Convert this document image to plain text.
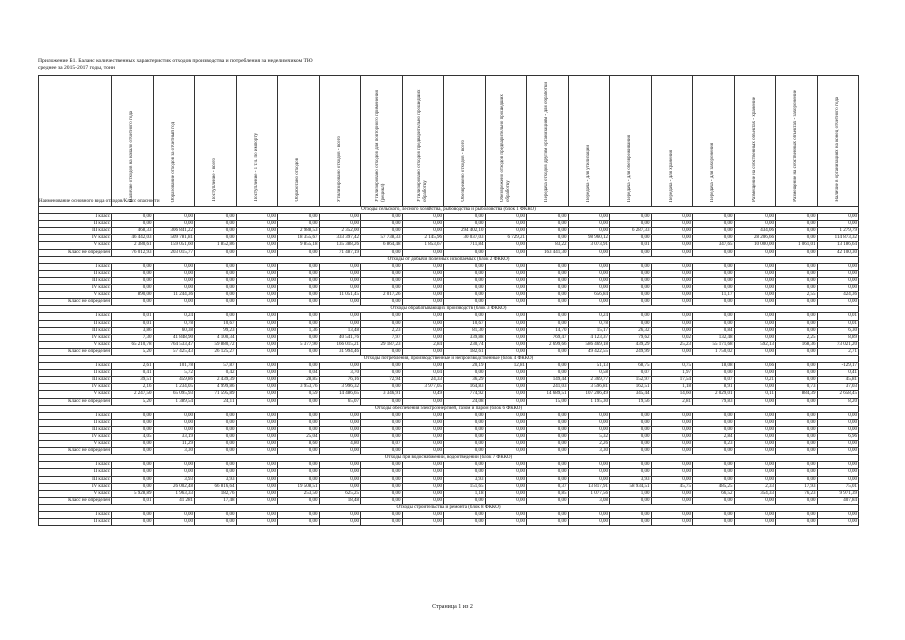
Приложение Б1. Баланс количественных характеристик отходов производства и потребления за неделимчиком ТЮ
среднее за 2015-2017 годы, тонн
Наименование основного вида отходов/Класс опасности	Наличие отходов на начало отчетного года	Образование отходов за отчетный год	Поступление - всего	Поступление - 1 т.ч. по импорту	Обработано отходов	Утилизировано отходов - всего	Утилизировано отходов для повторного применения (рецикл)	Утилизировано отходов предварительно прошедших обработку	Обезврежено отходов - всего	Обезврежено отходов предварительно прошедших обработку	Передача отходов другим организациям - для обработки	Передача - для утилизации	Передача - для обезвреживания	Передача - для хранения	Передача - для захоронения	Размещение на собственных объектах - хранение	Размещение на собственных объектах - захоронение	Наличие в организациях на конец отчетного года
Отходы сельского, лесного хозяйства, рыбоводства и рыболовства (блок 1 ФККО)																		
I класс	0,00	0,00	0,00	0,00	0,00	0,00	0,00	0,00	0,00	0,00	0,00	0,00	0,00	0,00	0,00	0,00	0,00	0,00
II класс	0,00	0,00	0,00	0,00	0,00	0,00	0,00	0,00	0,00	0,00	0,00	0,00	0,00	0,00	0,00	0,00	0,00	0,00
III класс	468,33	306 841,22	0,00	0,00	2 988,53	2 352,00	0,00	0,00	294 402,10	0,00	0,00	0,00	6 287,33	0,00	0,00	434,06	0,00	1 279,79
IV класс	46 442,03	509 781,81	0,00	0,00	18 355,67	333 397,42	57 738,33	2 145,96	30 037,03	6 729,21	0,00	98 960,12	0,00	0,00	0,00	28 206,66	0,00	114 873,32
V класс	2 380,61	159 051,60	1 852,86	0,00	9 855,18	135 388,26	6 864,48	1 853,67	711,84	0,00	83,22	3 073,91	0,01	0,00	347,65	10 000,00	1 061,01	13 186,64
Класс не определен	76 012,93	203 015,77	0,00	0,00	0,00	71 487,19	0,00	0,00	0,00	0,00	163 441,30	0,00	0,00	0,00	0,00	0,00	0,00	42 100,30
Отходы от добычи полезных ископаемых (блок 2 ФККО)																		
I класс	0,00	0,00	0,00	0,00	0,00	0,00	0,00	0,00	0,00	0,00	0,00	0,00	0,00	0,00	0,00	0,00	0,00	0,00
II класс	0,00	0,00	0,00	0,00	0,00	0,00	0,00	0,00	0,00	0,00	0,00	0,00	0,00	0,00	0,00	0,00	0,00	0,00
III класс	0,00	0,00	0,00	0,00	0,00	0,00	0,00	0,00	0,00	0,00	0,00	0,00	0,00	0,00	0,00	0,00	0,00	0,00
IV класс	0,00	0,00	0,00	0,00	0,00	0,00	0,00	0,00	0,00	0,00	0,00	0,00	0,00	0,00	0,00	0,00	0,00	0,00
V класс	890,00	11 244,36	0,00	0,00	0,00	11 051,45	2 017,26	0,00	0,00	0,00	0,00	656,84	0,00	0,00	11,17	0,00	2,55	424,36
Класс не определен	0,00	0,00	0,00	0,00	0,00	0,00	0,00	0,00	0,00	0,00	0,00	0,00	0,00	0,00	0,00	0,00	0,00	0,00
Отходы обрабатывающих производств (блок 3 ФККО)																		
I класс	0,01	0,24	0,00	0,00	0,00	0,00	0,00	0,00	0,00	0,00	0,00	0,24	0,00	0,00	0,00	0,00	0,00	0,01
II класс	0,01	0,78	10,67	0,00	0,00	0,00	0,00	0,00	10,67	0,00	0,00	0,78	0,00	0,00	0,00	0,00	0,00	0,01
III класс	3,86	60,38	99,23	0,00	1,36	13,48	2,23	0,00	81,30	0,00	14,70	15,17	26,32	0,00	0,84	0,00	0,00	6,30
IV класс	7,30	41 848,90	4 100,34	0,00	0,00	40 541,76	7,97	0,00	339,88	0,00	769,47	4 123,37	79,62	0,02	132,48	0,00	2,25	8,89
V класс	65 210,78	764 533,47	59 880,72	0,00	5 377,90	166 015,21	29 187,23	2,84	230,74	0,00	2 699,66	586 469,18	439,29	25,23	55 171,68	592,13	168,36	73 021,20
Класс не определен	5,20	57 425,43	26 125,27	0,00	0,00	31 994,46	0,00	0,00	182,61	0,00	0,00	49 422,55	249,99	0,00	1 750,02	0,00	0,00	2,71
Отходы потребления, производственные и непроизводственные (блок 4 ФККО)																		
I класс	2,61	101,78	57,87	0,00	0,00	0,00	0,00	0,00	20,19	12,81	0,00	51,13	68,75	0,75	18,08	0,66	0,00	-129,17
II класс	0,41	5,72	0,42	0,00	0,04	3,70	0,00	0,04	0,00	0,00	0,00	0,58	0,07	1,97	0,00	0,00	0,00	0,41
III класс	39,51	459,86	2 439,39	0,00	28,85	76,16	72,94	24,33	36,29	0,00	149,44	2 369,77	152,97	17,54	0,07	0,21	0,00	45,81
IV класс	2,16	1 234,05	4 999,86	0,00	3 953,76	3 996,32	0,00	3 977,05	164,83	0,00	241,03	3 596,81	162,51	1,18	8,91	0,00	0,73	37,03
V класс	2 247,50	65 095,93	71 595,89	0,00	0,59	14 486,65	3 346,91	0,49	774,92	0,00	14 689,51	107 206,49	345,44	14,60	2 029,01	0,11	884,39	2 658,45
Класс не определен	5,20	1 389,54	24,11	0,00	0,00	65,07	0,00	0,00	24,08	0,00	15,00	1 195,30	19,56	2,81	79,83	0,00	0,00	8,20
Отходы обеспечения электроэнергией, газом и паром (блок 6 ФККО)																		
I класс	0,00	0,00	0,00	0,00	0,00	0,00	0,00	0,00	0,00	0,00	0,00	0,00	0,00	0,00	0,00	0,00	0,00	0,00
II класс	0,00	0,00	0,00	0,00	0,00	0,00	0,00	0,00	0,00	0,00	0,00	0,00	0,00	0,00	0,00	0,00	0,00	0,00
III класс	0,00	0,00	0,00	0,00	0,00	0,00	0,00	0,00	0,00	0,00	0,00	0,00	0,00	0,00	0,00	0,00	0,00	0,00
IV класс	4,05	33,19	0,00	0,00	25,04	0,00	0,00	0,00	0,00	0,00	0,00	5,32	0,00	0,00	2,84	0,00	0,00	6,96
V класс	0,00	11,29	0,00	0,00	8,60	4,80	0,07	0,00	0,00	0,00	0,00	2,26	0,00	0,00	0,23	0,00	0,00	0,00
Класс не определен	0,00	3,30	0,00	0,00	0,00	0,00	0,00	0,00	0,00	0,00	0,00	3,30	0,00	0,00	0,00	0,00	0,00	0,00
Отходы при водоснабжении, водоотведении (блок 7 ФККО)																		
I класс	0,00	0,00	0,00	0,00	0,00	0,00	0,00	0,00	0,00	0,00	0,00	0,00	0,00	0,00	0,00	0,00	0,00	0,00
II класс	0,00	0,00	0,00	0,00	0,00	0,00	0,00	0,00	0,00	0,00	0,00	0,00	0,00	0,00	0,00	0,00	0,00	0,00
III класс	0,00	3,93	3,93	0,00	0,00	0,00	0,00	0,00	3,93	0,00	0,00	0,00	3,93	0,00	0,00	0,00	0,00	0,00
IV класс	0,00	26 002,48	66 816,64	0,00	19 508,51	0,00	0,00	0,00	151,65	0,00	0,37	13 817,91	58 934,51	45,75	485,25	2,33	17,93	75,01
V класс	5 928,89	1 963,33	182,76	0,00	253,50	625,25	0,00	0,00	1,18	0,00	0,85	1 077,56	1,00	0,00	66,52	354,33	76,23	9 971,39
Класс не определен	0,01	41 281	17,48	0,00	0,00	18,48	0,00	0,00	0,00	0,00	0,00	3,08	0,00	0,00	0,00	0,00	0,00	407,84
Отходы строительства и ремонта (блок 8 ФККО)																		
I класс	0,00	0,00	0,00	0,00	0,00	0,00	0,00	0,00	0,00	0,00	0,00	0,00	0,00	0,00	0,00	0,00	0,00	0,00
II класс	0,00	0,00	0,00	0,00	0,00	0,00	0,00	0,00	0,00	0,00	0,00	0,00	0,00	0,00	0,00	0,00	0,00	0,00
Страница 1 из 2
